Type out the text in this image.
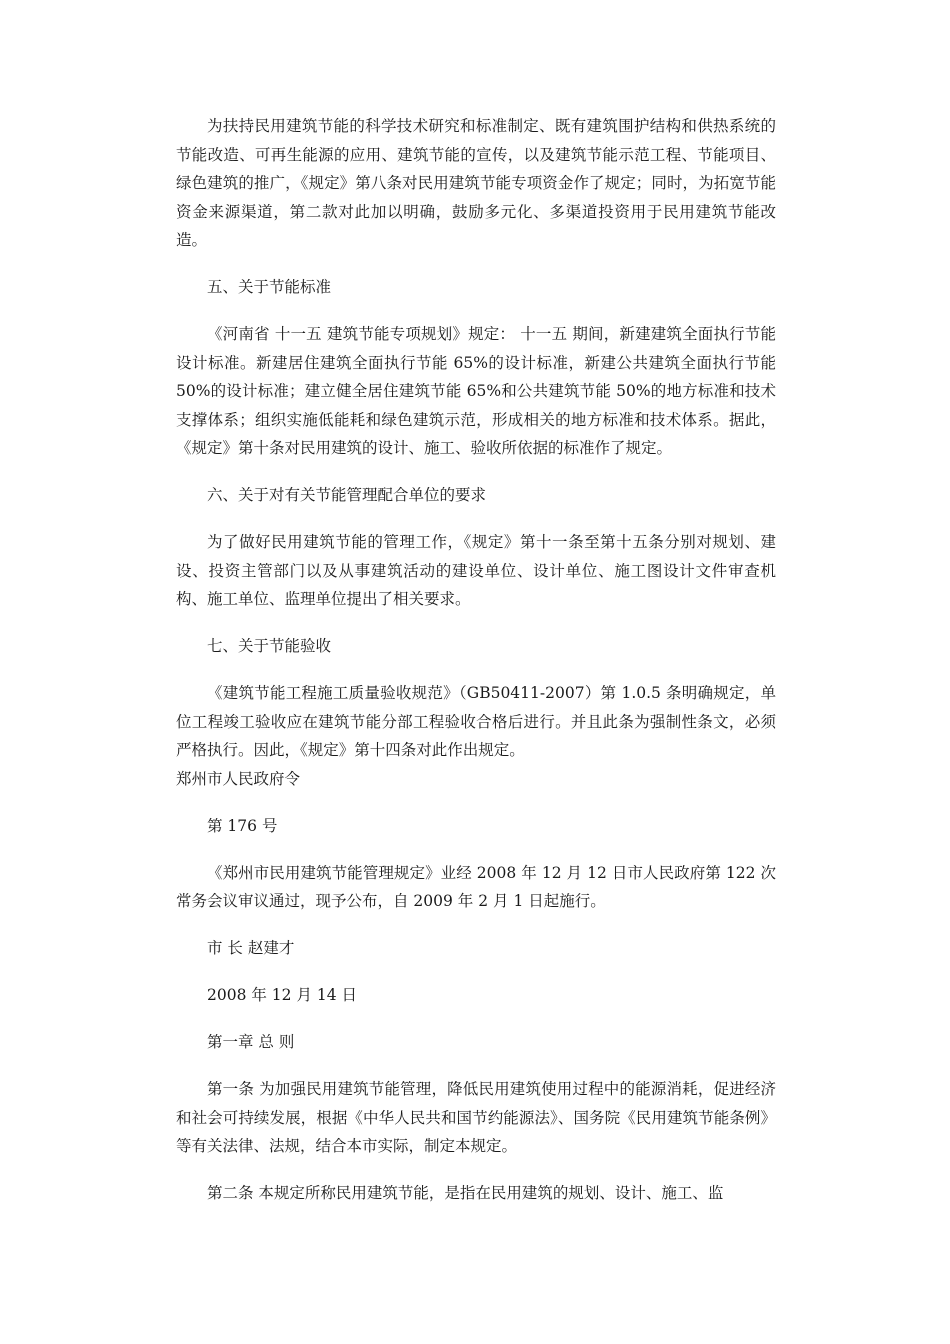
为扶持民用建筑节能的科学技术研究和标准制定、既有建筑围护结构和供热系统的节能改造、可再生能源的应用、建筑节能的宣传，以及建筑节能示范工程、节能项目、绿色建筑的推广，《规定》第八条对民用建筑节能专项资金作了规定；同时，为拓宽节能资金来源渠道，第二款对此加以明确，鼓励多元化、多渠道投资用于民用建筑节能改造。

五、关于节能标准

《河南省 十一五 建筑节能专项规划》规定： 十一五 期间，新建建筑全面执行节能设计标准。新建居住建筑全面执行节能 65%的设计标准，新建公共建筑全面执行节能 50%的设计标准；建立健全居住建筑节能 65%和公共建筑节能 50%的地方标准和技术支撑体系；组织实施低能耗和绿色建筑示范，形成相关的地方标准和技术体系。据此，《规定》第十条对民用建筑的设计、施工、验收所依据的标准作了规定。

六、关于对有关节能管理配合单位的要求

为了做好民用建筑节能的管理工作，《规定》第十一条至第十五条分别对规划、建设、投资主管部门以及从事建筑活动的建设单位、设计单位、施工图设计文件审查机构、施工单位、监理单位提出了相关要求。

七、关于节能验收

《建筑节能工程施工质量验收规范》（GB50411-2007）第 1.0.5 条明确规定，单位工程竣工验收应在建筑节能分部工程验收合格后进行。并且此条为强制性条文，必须严格执行。因此，《规定》第十四条对此作出规定。

郑州市人民政府令

第 176 号

《郑州市民用建筑节能管理规定》业经 2008 年 12 月 12 日市人民政府第 122 次常务会议审议通过，现予公布，自 2009 年 2 月 1 日起施行。

市 长 赵建才

2008 年 12 月 14 日

第一章 总 则

第一条 为加强民用建筑节能管理，降低民用建筑使用过程中的能源消耗，促进经济和社会可持续发展，根据《中华人民共和国节约能源法》、国务院《民用建筑节能条例》等有关法律、法规，结合本市实际，制定本规定。

第二条 本规定所称民用建筑节能，是指在民用建筑的规划、设计、施工、监
